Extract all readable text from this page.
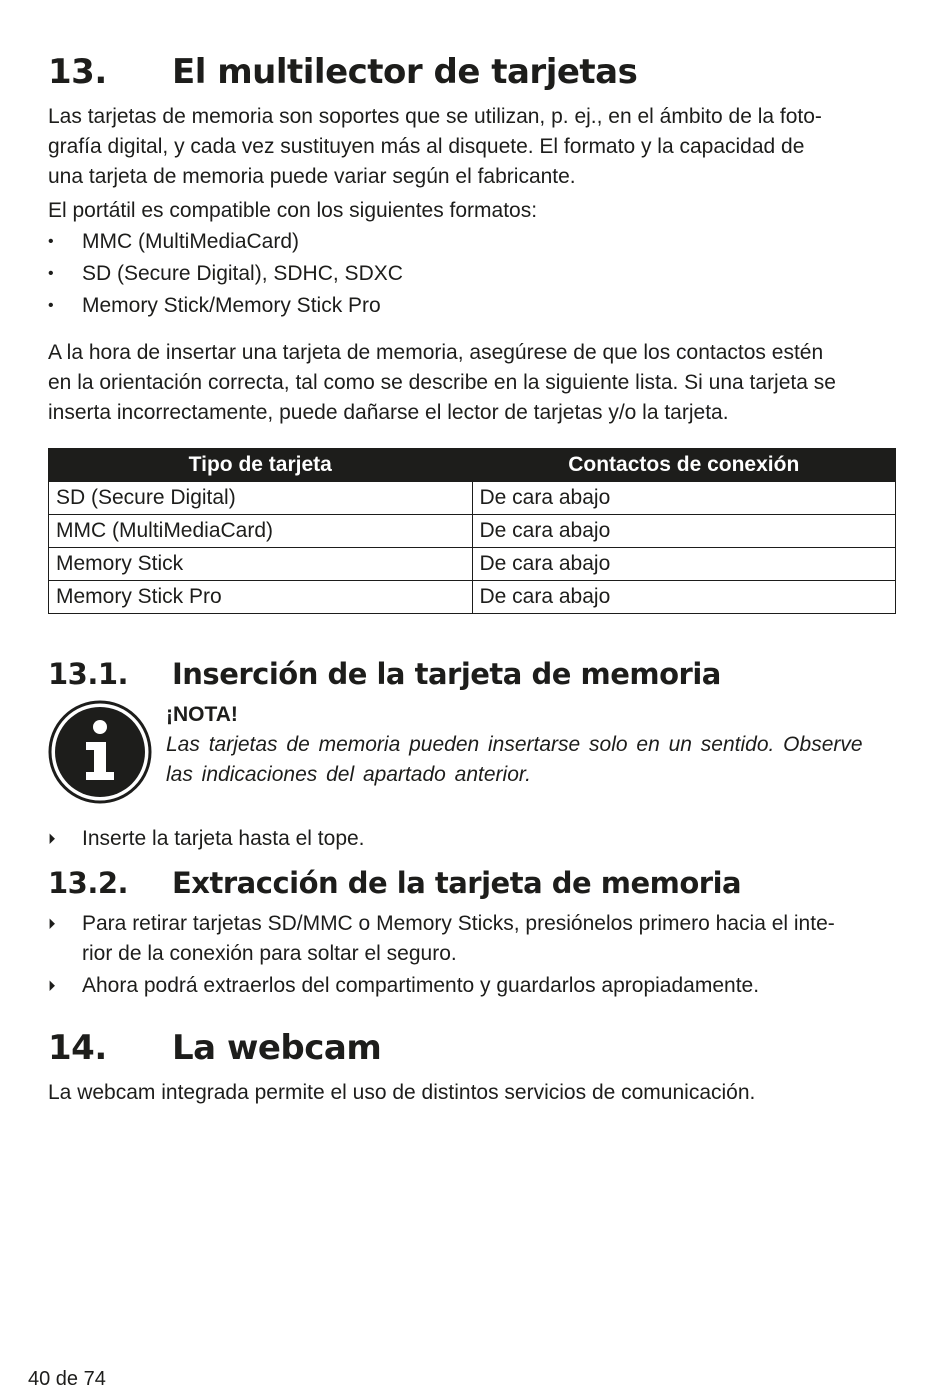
13.	El multilector de tarjetas

Las tarjetas de memoria son soportes que se utilizan, p. ej., en el ámbito de la foto-
grafía digital, y cada vez sustituyen más al disquete. El formato y la capacidad de
una tarjeta de memoria puede variar según el fabricante.

El portátil es compatible con los siguientes formatos:

•	MMC (MultiMediaCard)
•	SD (Secure Digital), SDHC, SDXC
•	Memory Stick/Memory Stick Pro

A la hora de insertar una tarjeta de memoria, asegúrese de que los contactos estén
en la orientación correcta, tal como se describe en la siguiente lista. Si una tarjeta se
inserta incorrectamente, puede dañarse el lector de tarjetas y/o la tarjeta.

Tipo de tarjeta	Contactos de conexión
SD (Secure Digital)	De cara abajo
MMC (MultiMediaCard)	De cara abajo
Memory Stick	De cara abajo
Memory Stick Pro	De cara abajo
13.1.	Inserción de la tarjeta de memoria
¡NOTA!
Las tarjetas de memoria pueden insertarse solo en un sentido. Observe
las indicaciones del apartado anterior.
⏵	Inserte la tarjeta hasta el tope.
13.2.	Extracción de la tarjeta de memoria
⏵	Para retirar tarjetas SD/MMC o Memory Sticks, presiónelos primero hacia el inte-
rior de la conexión para soltar el seguro.
⏵	Ahora podrá extraerlos del compartimento y guardarlos apropiadamente.
14.	La webcam

La webcam integrada permite el uso de distintos servicios de comunicación.

40 de 74
